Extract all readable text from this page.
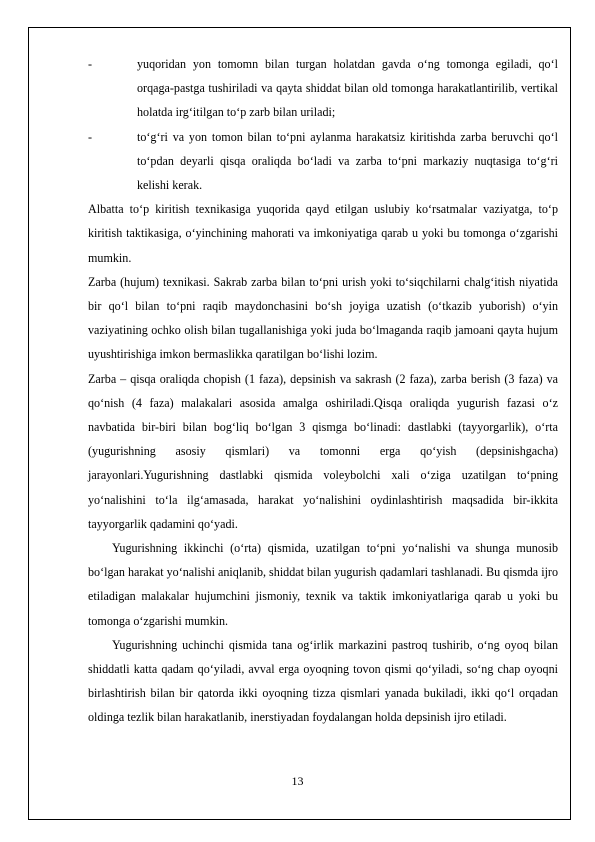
-	yuqoridan yon tomomn bilan turgan holatdan gavda o‘ng tomonga egiladi, qo‘l orqaga-pastga tushiriladi va qayta shiddat bilan old tomonga harakatlantirilib, vertikal holatda irg‘itilgan to‘p zarb bilan uriladi;

-	to‘g‘ri va yon tomon bilan to‘pni aylanma harakatsiz kiritishda zarba beruvchi qo‘l to‘pdan deyarli qisqa oraliqda bo‘ladi va zarba to‘pni markaziy nuqtasiga to‘g‘ri kelishi kerak.

Albatta to‘p kiritish texnikasiga yuqorida qayd etilgan uslubiy ko‘rsatmalar vaziyatga, to‘p kiritish taktikasiga, o‘yinchining mahorati va imkoniyatiga qarab u yoki bu tomonga o‘zgarishi mumkin.

Zarba (hujum) texnikasi. Sakrab zarba bilan to‘pni urish yoki to‘siqchilarni chalg‘itish niyatida bir qo‘l bilan to‘pni raqib maydonchasini bo‘sh joyiga uzatish (o‘tkazib yuborish) o‘yin vaziyatining ochko olish bilan tugallanishiga yoki juda bo‘lmaganda raqib jamoani qayta hujum uyushtirishiga imkon bermaslikka qaratilgan bo‘lishi lozim.

Zarba – qisqa oraliqda chopish (1 faza), depsinish va sakrash (2 faza), zarba berish (3 faza) va qo‘nish (4 faza) malakalari asosida amalga oshiriladi.Qisqa oraliqda yugurish fazasi o‘z navbatida bir-biri bilan bog‘liq bo‘lgan 3 qismga bo‘linadi: dastlabki (tayyorgarlik), o‘rta (yugurishning asosiy qismlari) va tomonni erga qo‘yish (depsinishgacha) jarayonlari.Yugurishning dastlabki qismida voleybolchi xali o‘ziga uzatilgan to‘pning yo‘nalishini to‘la ilg‘amasada, harakat yo‘nalishini oydinlashtirish maqsadida bir-ikkita tayyorgarlik qadamini qo‘yadi.

Yugurishning ikkinchi (o‘rta) qismida, uzatilgan to‘pni yo‘nalishi va shunga munosib bo‘lgan harakat yo‘nalishi aniqlanib, shiddat bilan yugurish qadamlari tashlanadi. Bu qismda ijro etiladigan malakalar hujumchini jismoniy, texnik va taktik imkoniyatlariga qarab u yoki bu tomonga o‘zgarishi mumkin.

Yugurishning uchinchi qismida tana og‘irlik markazini pastroq tushirib, o‘ng oyoq bilan shiddatli katta qadam qo‘yiladi, avval erga oyoqning tovon qismi qo‘yiladi, so‘ng chap oyoqni birlashtirish bilan bir qatorda ikki oyoqning tizza qismlari yanada bukiladi, ikki qo‘l orqadan oldinga tezlik bilan harakatlanib, inerstiyadan foydalangan holda depsinish ijro etiladi.

13
